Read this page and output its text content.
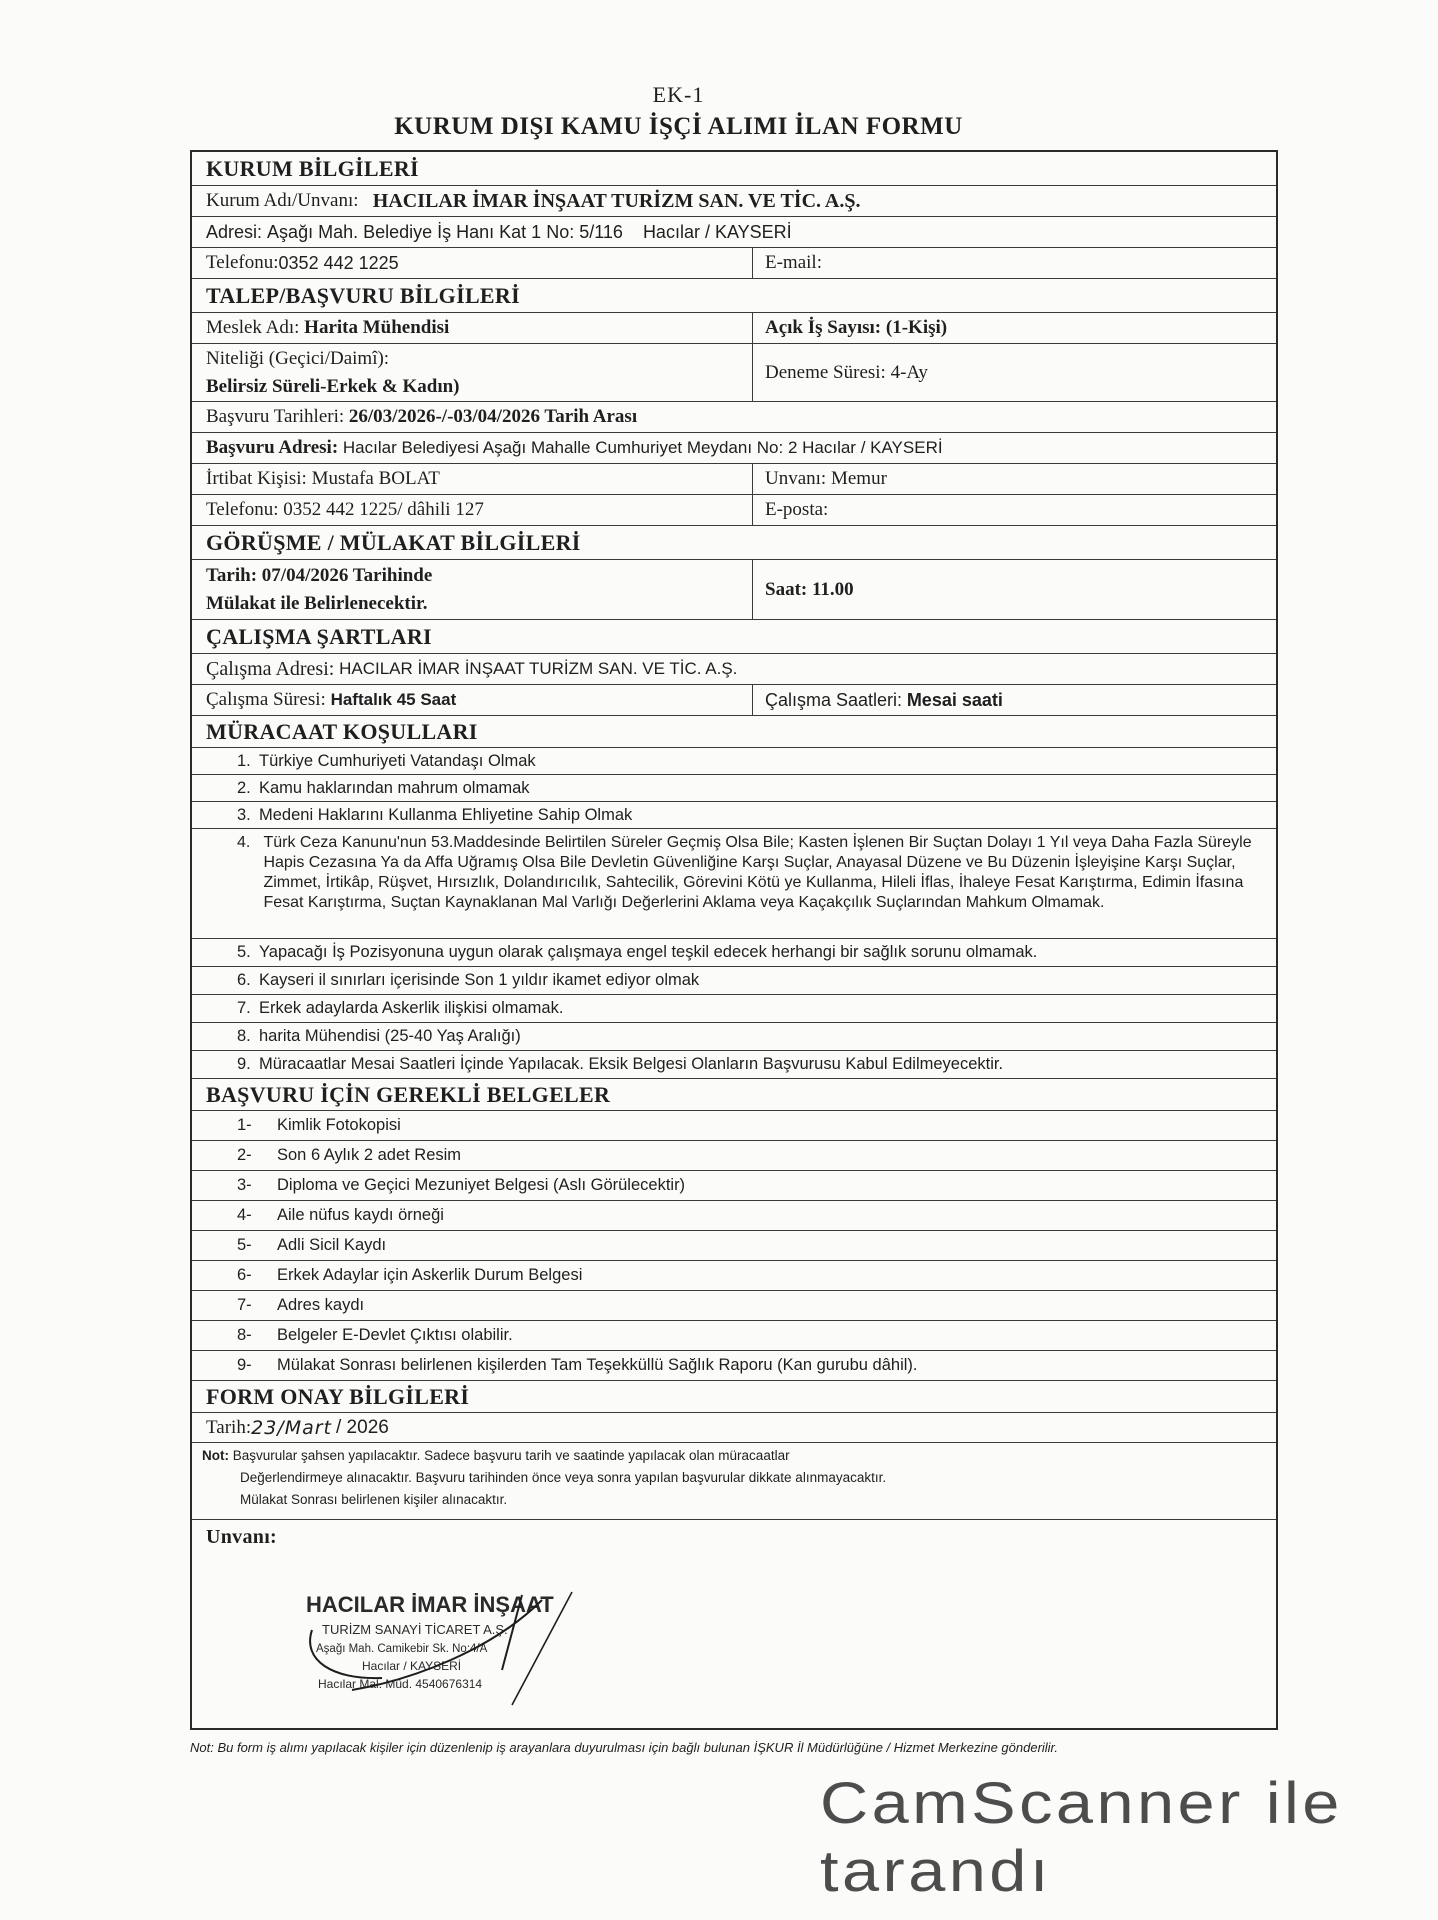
EK-1
KURUM DIŞI KAMU İŞÇİ ALIMI İLAN FORMU
KURUM BİLGİLERİ
Kurum Adı/Unvanı:
HACILAR İMAR İNŞAAT TURİZM SAN. VE TİC. A.Ş.
Adresi:
Aşağı Mah. Belediye İş Hanı Kat 1 No: 5/116
Hacılar / KAYSERİ
Telefonu: 0352 442 1225	E-mail:
TALEP/BAŞVURU BİLGİLERİ
Meslek Adı:
Harita Mühendisi	Açık İş Sayısı:
(1-Kişi)
Niteliği (Geçici/Daimî):
Belirsiz Süreli-Erkek & Kadın)
Deneme Süresi:
4-Ay
Başvuru Tarihleri:
26/03/2026-/-03/04/2026 Tarih Arası
Başvuru Adresi:
Hacılar Belediyesi Aşağı Mahalle Cumhuriyet Meydanı No: 2 Hacılar / KAYSERİ
İrtibat Kişisi:
Mustafa BOLAT	Unvanı:
Memur
Telefonu:
0352 442 1225/ dâhili 127	E-posta:
GÖRÜŞME / MÜLAKAT BİLGİLERİ
Tarih: 07/04/2026 Tarihinde
Mülakat ile Belirlenecektir.
Saat: 11.00
ÇALIŞMA ŞARTLARI
Çalışma Adresi:
HACILAR İMAR İNŞAAT TURİZM SAN. VE TİC. A.Ş.
Çalışma Süresi:
Haftalık 45 Saat	Çalışma Saatleri:
Mesai saati
MÜRACAAT KOŞULLARI
1. Türkiye Cumhuriyeti Vatandaşı Olmak
2. Kamu haklarından mahrum olmamak
3. Medeni Haklarını Kullanma Ehliyetine Sahip Olmak
4. Türk Ceza Kanunu'nun 53.Maddesinde Belirtilen Süreler Geçmiş Olsa Bile; Kasten İşlenen Bir Suçtan Dolayı 1 Yıl veya Daha Fazla Süreyle Hapis Cezasına Ya da Affa Uğramış Olsa Bile Devletin Güvenliğine Karşı Suçlar, Anayasal Düzene ve Bu Düzenin İşleyişine Karşı Suçlar, Zimmet, İrtikâp, Rüşvet, Hırsızlık, Dolandırıcılık, Sahtecilik, Görevini Kötü ye Kullanma, Hileli İflas, İhaleye Fesat Karıştırma, Edimin İfasına Fesat Karıştırma, Suçtan Kaynaklanan Mal Varlığı Değerlerini Aklama veya Kaçakçılık Suçlarından Mahkum Olmamak.
5. Yapacağı İş Pozisyonuna uygun olarak çalışmaya engel teşkil edecek herhangi bir sağlık sorunu olmamak.
6. Kayseri il sınırları içerisinde Son 1 yıldır ikamet ediyor olmak
7. Erkek adaylarda Askerlik ilişkisi olmamak.
8. harita Mühendisi (25-40 Yaş Aralığı)
9. Müracaatlar Mesai Saatleri İçinde Yapılacak. Eksik Belgesi Olanların Başvurusu Kabul Edilmeyecektir.
BAŞVURU İÇİN GEREKLİ BELGELER
1-	Kimlik Fotokopisi
2-	Son 6 Aylık 2 adet Resim
3-	Diploma ve Geçici Mezuniyet Belgesi (Aslı Görülecektir)
4-	Aile nüfus kaydı örneği
5-	Adli Sicil Kaydı
6-	Erkek Adaylar için Askerlik Durum Belgesi
7-	Adres kaydı
8-	Belgeler E-Devlet Çıktısı olabilir.
9-	Mülakat Sonrası belirlenen kişilerden Tam Teşekküllü Sağlık Raporu (Kan gurubu dâhil).
FORM ONAY BİLGİLERİ
Tarih: 23/Mart / 2026
Not: Başvurular şahsen yapılacaktır. Sadece başvuru tarih ve saatinde yapılacak olan müracaatlar
Değerlendirmeye alınacaktır. Başvuru tarihinden önce veya sonra yapılan başvurular dikkate alınmayacaktır.
Mülakat Sonrası belirlenen kişiler alınacaktır.
Unvanı:
HACILAR İMAR İNŞAAT
TURİZM SANAYİ TİCARET A.Ş.
Aşağı Mah. Camikebir Sk. No:4/A
Hacılar / KAYSERİ
Hacılar Mal. Müd. 4540676314
Not: Bu form iş alımı yapılacak kişiler için düzenlenip iş arayanlara duyurulması için bağlı bulunan İŞKUR İl Müdürlüğüne / Hizmet Merkezine gönderilir.
CamScanner ile tarandı
